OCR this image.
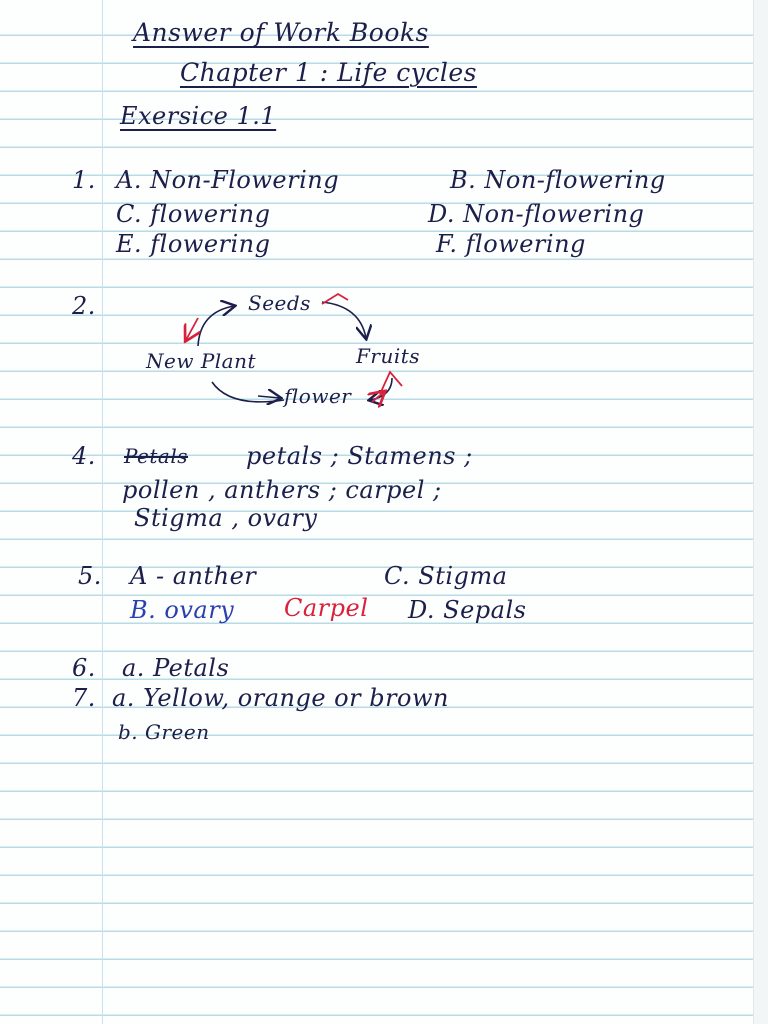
Answer of Work Books
Chapter 1 : Life cycles
Exersice 1.1
1. A. Non-Flowering	B. Non-flowering
C. flowering	D. Non-flowering
E. flowering	F. flowering
2.	Seeds
Fruits
flower
New Plant
4. Petals petals ; Stamens ;
pollen , anthers ; carpel ;
Stigma , ovary
5. A - anther	C. Stigma
B. ovary Carpel D. Sepals
6. a. Petals
7. a. Yellow, orange or brown
b. Green
